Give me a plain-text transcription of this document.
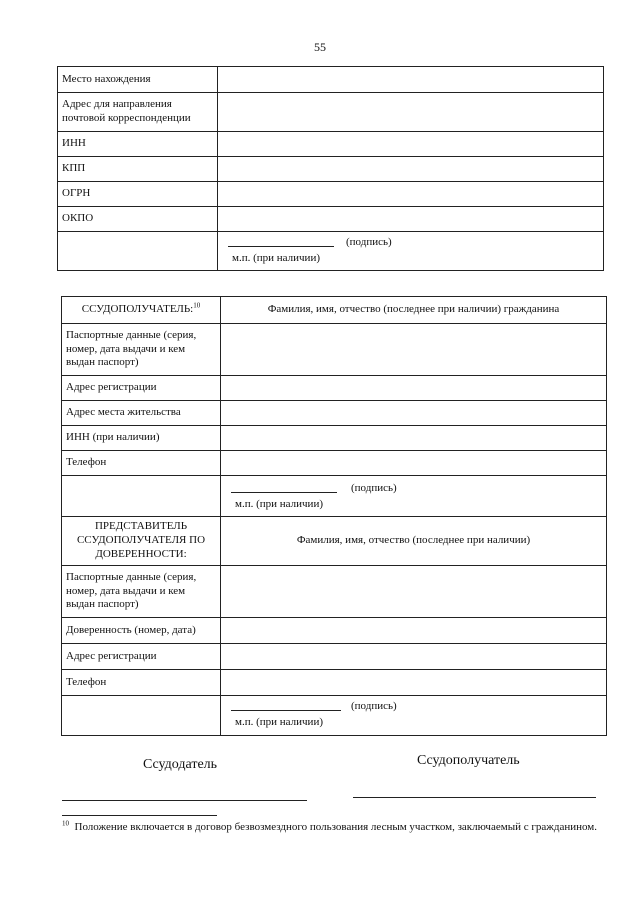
55
Место нахождения	
Адрес для направления почтовой корреспонденции	
ИНН	
КПП	
ОГРН	
ОКПО	

	(подпись)
м.п. (при наличии)
ССУДОПОЛУЧАТЕЛЬ:$^{10}$	Фамилия, имя, отчество (последнее при наличии) гражданина
Паспортные данные (серия, номер, дата выдачи и кем выдан паспорт)	
Адрес регистрации	
Адрес места жительства	
ИНН (при наличии)	
Телефон	

	(подпись)
м.п. (при наличии)

ПРЕДСТАВИТЕЛЬ ССУДОПОЛУЧАТЕЛЯ ПО ДОВЕРЕННОСТИ:	Фамилия, имя, отчество (последнее при наличии)
Паспортные данные (серия, номер, дата выдачи и кем выдан паспорт)	
Доверенность (номер, дата)	
Адрес регистрации	
Телефон	

	(подпись)
м.п. (при наличии)
Ссудодатель	Ссудополучатель
$^{10}$ Положение включается в договор безвозмездного пользования лесным участком, заключаемый с гражданином.
